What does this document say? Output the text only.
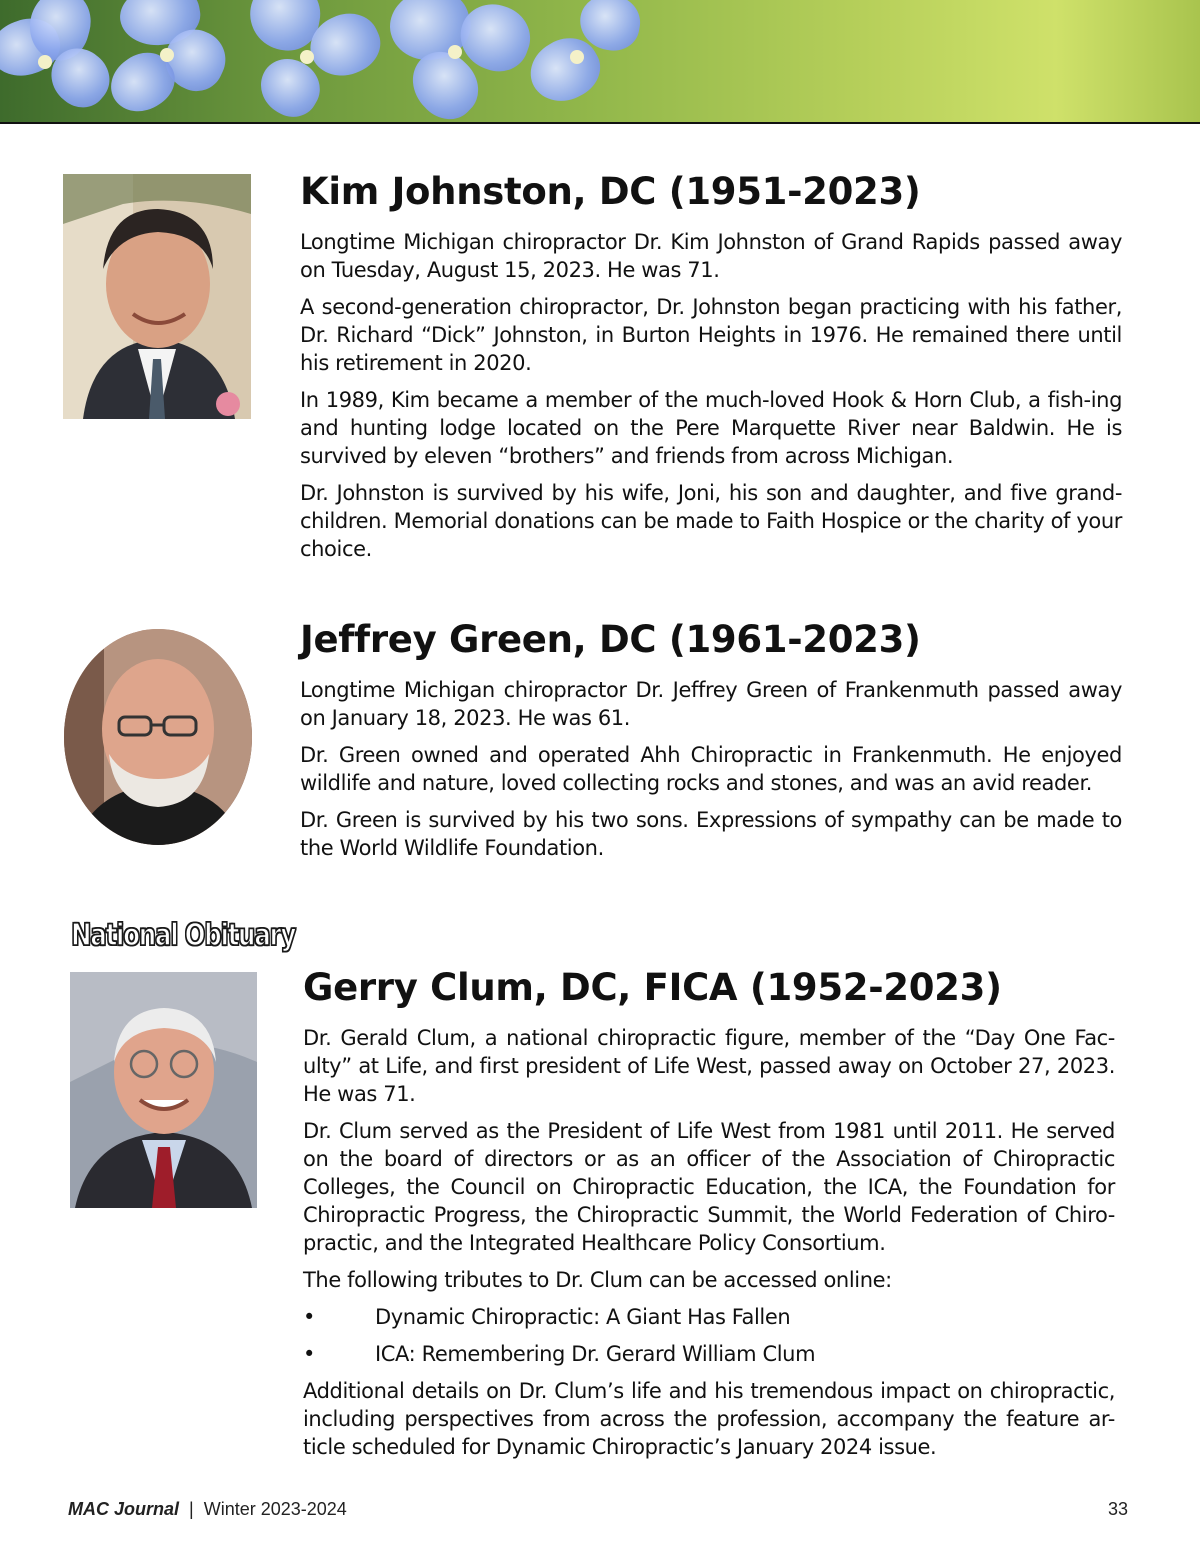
Kim Johnston, DC (1951-2023)

Longtime Michigan chiropractor Dr. Kim Johnston of Grand Rapids passed away on Tuesday, August 15, 2023. He was 71.

A second-generation chiropractor, Dr. Johnston began practicing with his father, Dr. Richard “Dick” Johnston, in Burton Heights in 1976. He remained there until his retirement in 2020.

In 1989, Kim became a member of the much-loved Hook & Horn Club, a fish-ing and hunting lodge located on the Pere Marquette River near Baldwin. He is survived by eleven “brothers” and friends from across Michigan.

Dr. Johnston is survived by his wife, Joni, his son and daughter, and five grand-children. Memorial donations can be made to Faith Hospice or the charity of your choice.

Jeffrey Green, DC (1961-2023)

Longtime Michigan chiropractor Dr. Jeffrey Green of Frankenmuth passed away on January 18, 2023. He was 61.

Dr. Green owned and operated Ahh Chiropractic in Frankenmuth. He enjoyed wildlife and nature, loved collecting rocks and stones, and was an avid reader.

Dr. Green is survived by his two sons. Expressions of sympathy can be made to the World Wildlife Foundation.

National Obituary
Gerry Clum, DC, FICA (1952-2023)

Dr. Gerald Clum, a national chiropractic figure, member of the “Day One Fac-ulty” at Life, and first president of Life West, passed away on October 27, 2023. He was 71.

Dr. Clum served as the President of Life West from 1981 until 2011. He served on the board of directors or as an officer of the Association of Chiropractic Colleges, the Council on Chiropractic Education, the ICA, the Foundation for Chiropractic Progress, the Chiropractic Summit, the World Federation of Chiro-practic, and the Integrated Healthcare Policy Consortium.

The following tributes to Dr. Clum can be accessed online:

•	Dynamic Chiropractic: A Giant Has Fallen
•	ICA: Remembering Dr. Gerard William Clum

Additional details on Dr. Clum’s life and his tremendous impact on chiropractic, including perspectives from across the profession, accompany the feature ar-ticle scheduled for Dynamic Chiropractic’s January 2024 issue.

MAC Journal | Winter 2023-2024	33
